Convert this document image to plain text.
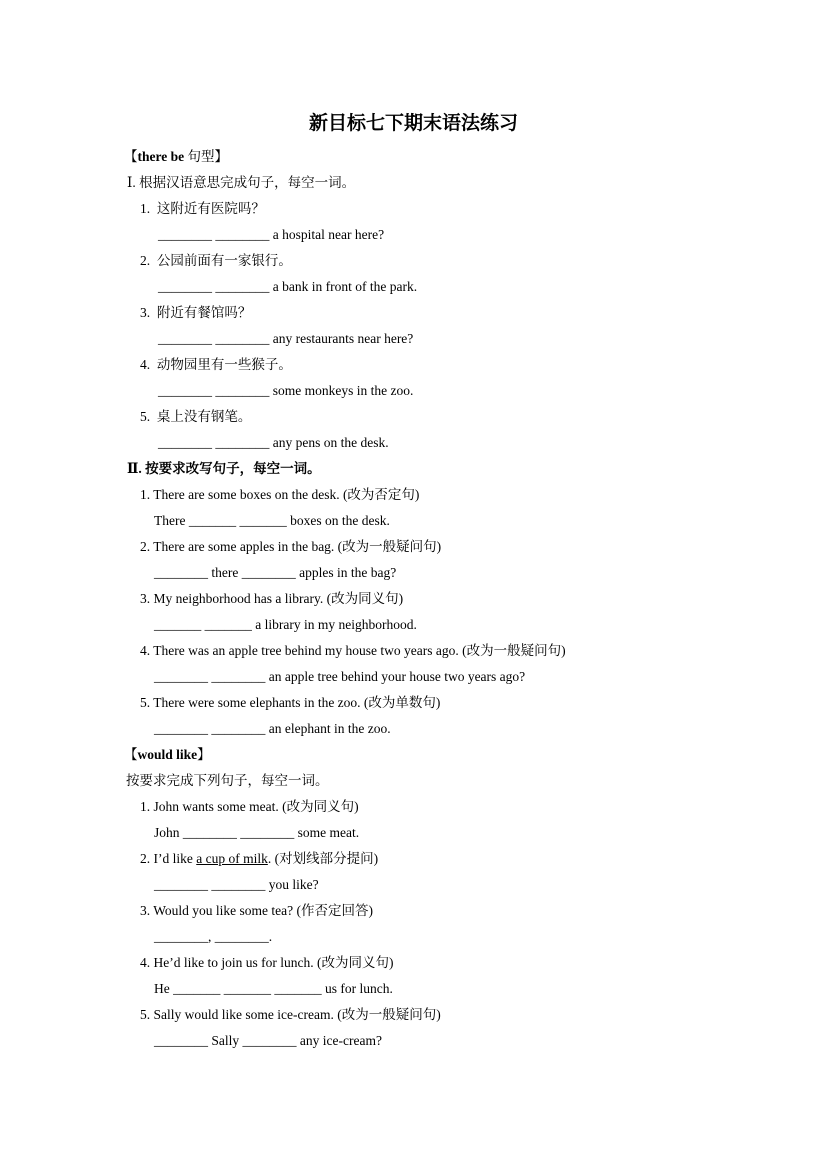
新目标七下期末语法练习
【there be 句型】
Ⅰ. 根据汉语意思完成句子，每空一词。
1.  这附近有医院吗？
________ ________ a hospital near here?
2.  公园前面有一家银行。
________ ________ a bank in front of the park.
3.  附近有餐馆吗？
________ ________ any restaurants near here?
4.  动物园里有一些猴子。
________ ________ some monkeys in the zoo.
5.  桌上没有钢笔。
________ ________ any pens on the desk.
Ⅱ. 按要求改写句子，每空一词。
1. There are some boxes on the desk. (改为否定句)
There _______ _______ boxes on the desk.
2. There are some apples in the bag. (改为一般疑问句)
________ there ________ apples in the bag?
3. My neighborhood has a library. (改为同义句)
_______ _______ a library in my neighborhood.
4. There was an apple tree behind my house two years ago. (改为一般疑问句)
________ ________ an apple tree behind your house two years ago?
5. There were some elephants in the zoo. (改为单数句)
________ ________ an elephant in the zoo.
【would like】
按要求完成下列句子，每空一词。
1. John wants some meat. (改为同义句)
John ________ ________ some meat.
2. I’d like a cup of milk. (对划线部分提问)
________ ________ you like?
3. Would you like some tea? (作否定回答)
________, ________.
4. He’d like to join us for lunch. (改为同义句)
He _______ _______ _______ us for lunch.
5. Sally would like some ice-cream. (改为一般疑问句)
________ Sally ________ any ice-cream?
